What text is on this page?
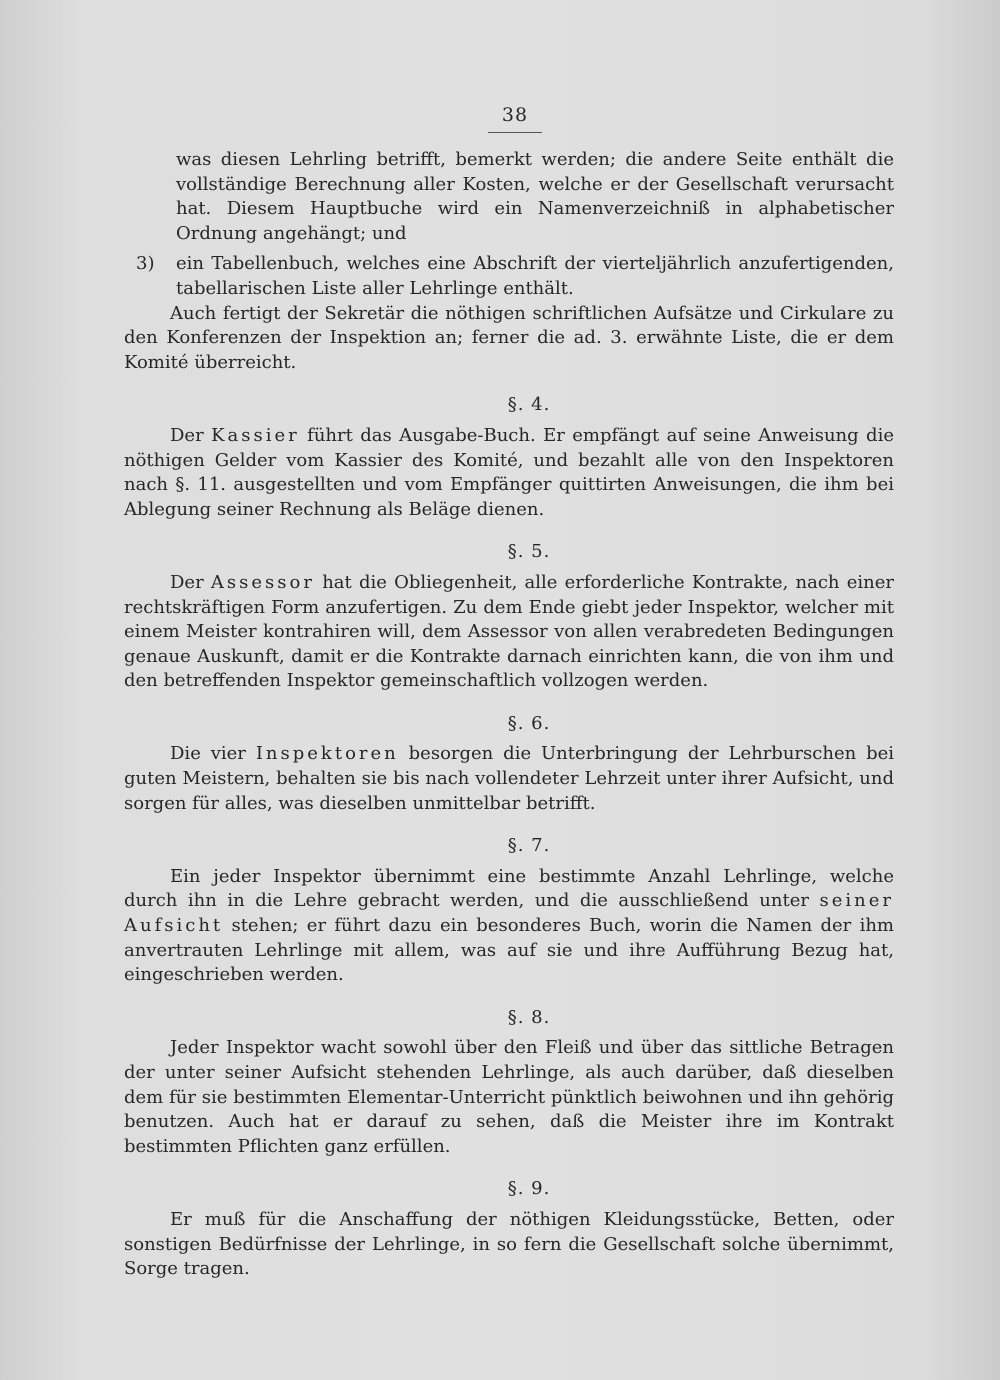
38

was diesen Lehrling betrifft, bemerkt werden; die andere Seite enthält die vollständige Berechnung aller Kosten, welche er der Gesellschaft verursacht hat. Diesem Hauptbuche wird ein Namenverzeichniß in alphabetischer Ordnung angehängt; und

3) ein Tabellenbuch, welches eine Abschrift der vierteljährlich anzufertigenden, tabellarischen Liste aller Lehrlinge enthält.

Auch fertigt der Sekretär die nöthigen schriftlichen Aufsätze und Cirkulare zu den Konferenzen der Inspektion an; ferner die ad. 3. erwähnte Liste, die er dem Komité überreicht.

§. 4.

Der Kassier führt das Ausgabe-Buch. Er empfängt auf seine Anweisung die nöthigen Gelder vom Kassier des Komité, und bezahlt alle von den Inspektoren nach §. 11. ausgestellten und vom Empfänger quittirten Anweisungen, die ihm bei Ablegung seiner Rechnung als Beläge dienen.

§. 5.

Der Assessor hat die Obliegenheit, alle erforderliche Kontrakte, nach einer rechtskräftigen Form anzufertigen. Zu dem Ende giebt jeder Inspektor, welcher mit einem Meister kontrahiren will, dem Assessor von allen verabredeten Bedingungen genaue Auskunft, damit er die Kontrakte darnach einrichten kann, die von ihm und den betreffenden Inspektor gemeinschaftlich vollzogen werden.

§. 6.

Die vier Inspektoren besorgen die Unterbringung der Lehrburschen bei guten Meistern, behalten sie bis nach vollendeter Lehrzeit unter ihrer Aufsicht, und sorgen für alles, was dieselben unmittelbar betrifft.

§. 7.

Ein jeder Inspektor übernimmt eine bestimmte Anzahl Lehrlinge, welche durch ihn in die Lehre gebracht werden, und die ausschließend unter seiner Aufsicht stehen; er führt dazu ein besonderes Buch, worin die Namen der ihm anvertrauten Lehrlinge mit allem, was auf sie und ihre Aufführung Bezug hat, eingeschrieben werden.

§. 8.

Jeder Inspektor wacht sowohl über den Fleiß und über das sittliche Betragen der unter seiner Aufsicht stehenden Lehrlinge, als auch darüber, daß dieselben dem für sie bestimmten Elementar-Unterricht pünktlich beiwohnen und ihn gehörig benutzen. Auch hat er darauf zu sehen, daß die Meister ihre im Kontrakt bestimmten Pflichten ganz erfüllen.

§. 9.

Er muß für die Anschaffung der nöthigen Kleidungsstücke, Betten, oder sonstigen Bedürfnisse der Lehrlinge, in so fern die Gesellschaft solche übernimmt, Sorge tragen.
